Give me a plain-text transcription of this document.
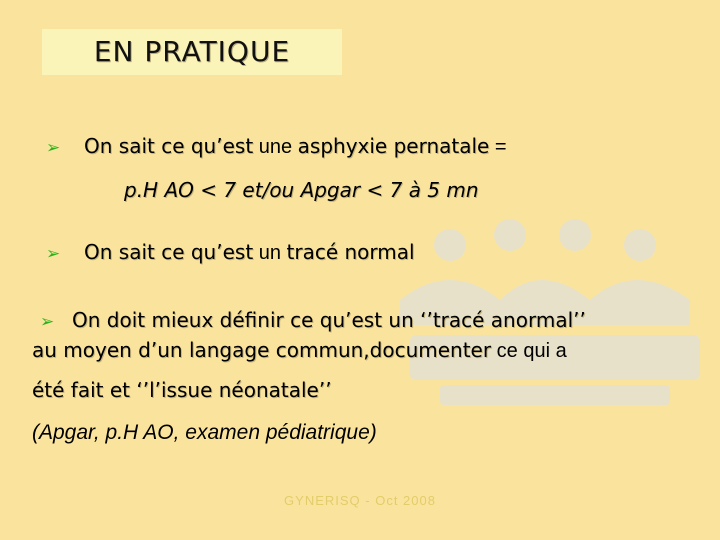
EN PRATIQUE
➢ On sait ce qu’est une asphyxie pernatale =
p.H AO < 7 et/ou Apgar < 7 à 5 mn
➢ On sait ce qu’est un tracé normal
➢ On doit mieux définir ce qu’est un ‘’tracé anormal’’
au moyen d’un langage commun,documenter ce qui a
été fait et ‘’l’issue néonatale’’
(Apgar, p.H AO, examen pédiatrique)
GYNERISQ - Oct 2008
